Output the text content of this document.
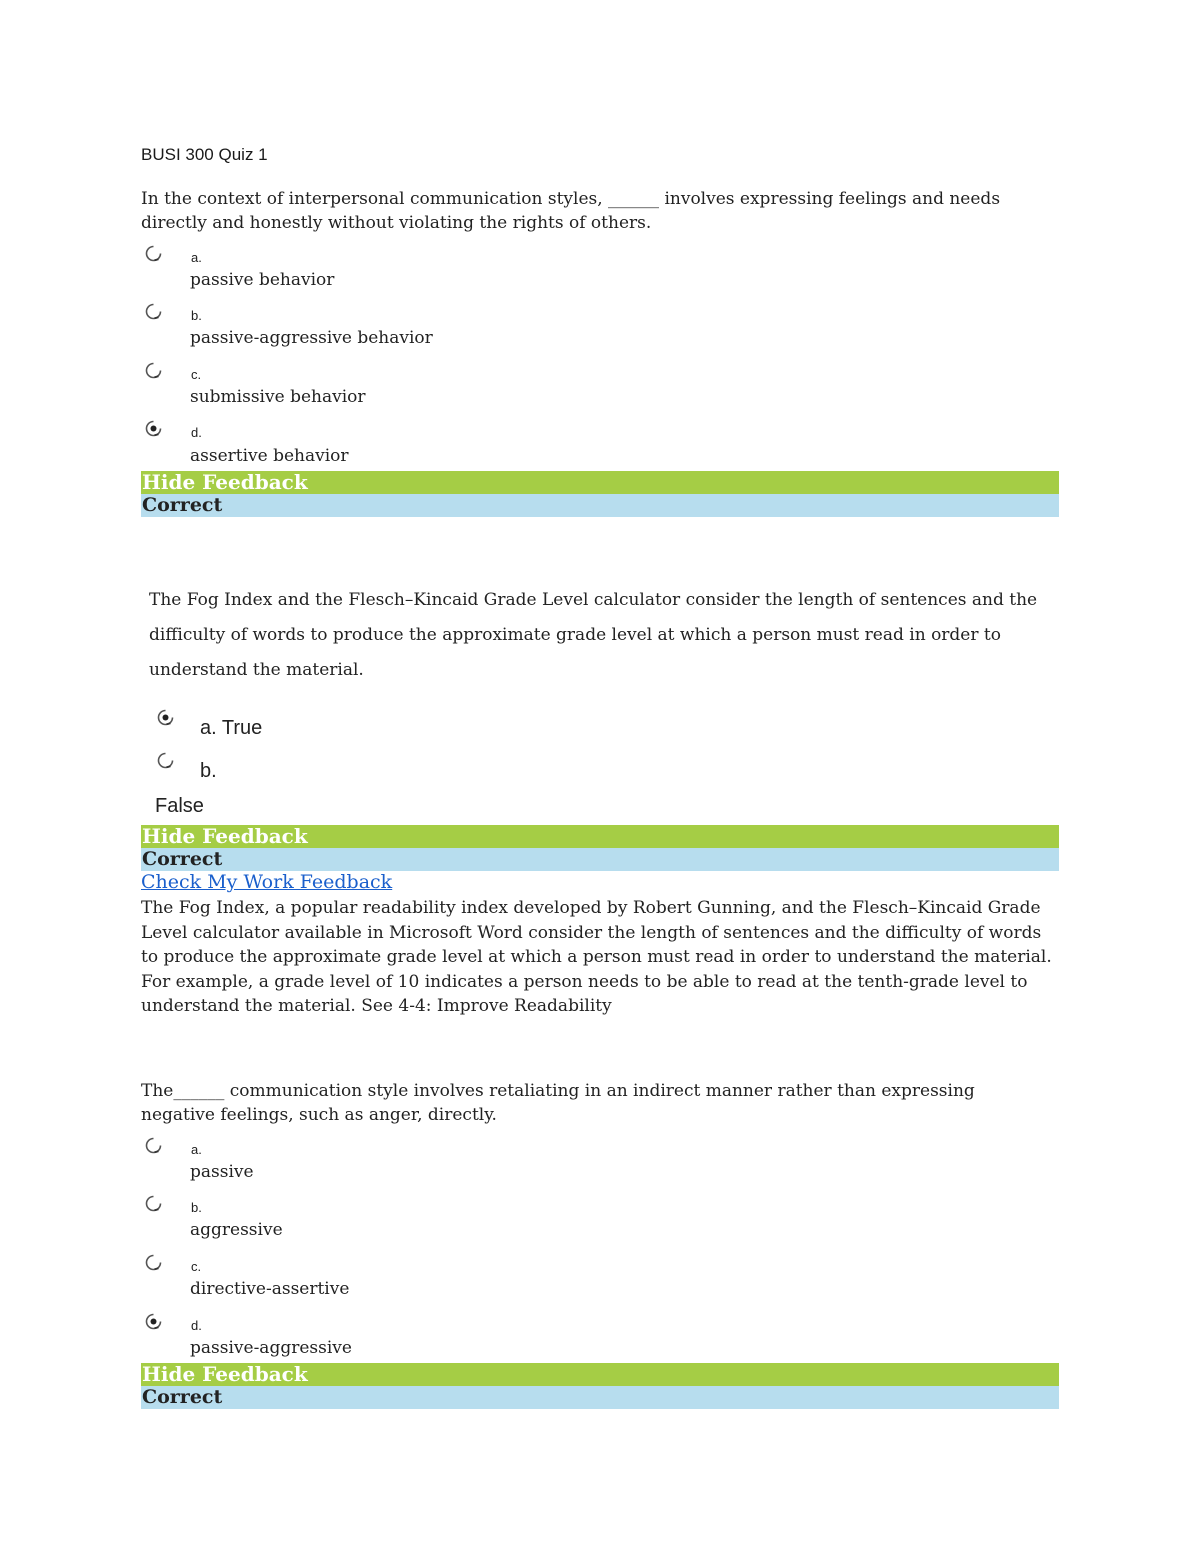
BUSI 300 Quiz 1
In the context of interpersonal communication styles, ______ involves expressing feelings and needs directly and honestly without violating the rights of others.
a.
passive behavior
b.
passive-aggressive behavior
c.
submissive behavior
d.
assertive behavior
Hide Feedback
Correct
The Fog Index and the Flesch–Kincaid Grade Level calculator consider the length of sentences and the difficulty of words to produce the approximate grade level at which a person must read in order to understand the material.
a. True
b.
False
Hide Feedback
Correct
Check My Work Feedback
The Fog Index, a popular readability index developed by Robert Gunning, and the Flesch–Kincaid Grade Level calculator available in Microsoft Word consider the length of sentences and the difficulty of words to produce the approximate grade level at which a person must read in order to understand the material. For example, a grade level of 10 indicates a person needs to be able to read at the tenth-grade level to understand the material. See 4-4: Improve Readability
The______ communication style involves retaliating in an indirect manner rather than expressing negative feelings, such as anger, directly.
a.
passive
b.
aggressive
c.
directive-assertive
d.
passive-aggressive
Hide Feedback
Correct
